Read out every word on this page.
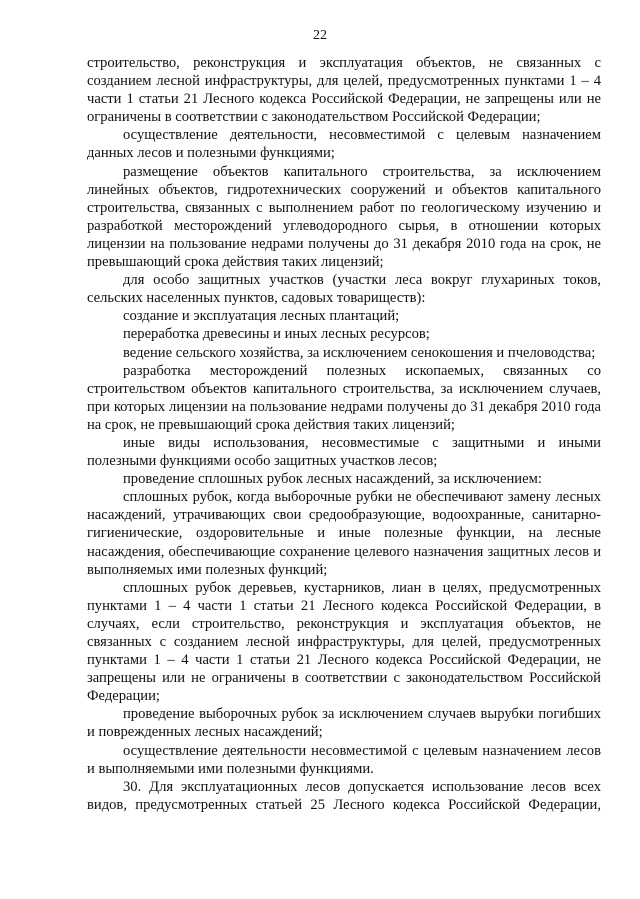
22

строительство, реконструкция и эксплуатация объектов, не связанных с созданием лесной инфраструктуры, для целей, предусмотренных пунктами 1 – 4 части 1 статьи 21 Лесного кодекса Российской Федерации, не запрещены или не ограничены в соответствии с законодательством Российской Федерации;

осуществление деятельности, несовместимой с целевым назначением данных лесов и полезными функциями;

размещение объектов капитального строительства, за исключением линейных объектов, гидротехнических сооружений и объектов капитального строительства, связанных с выполнением работ по геологическому изучению и разработкой месторождений углеводородного сырья, в отношении которых лицензии на пользование недрами получены до 31 декабря 2010 года на срок, не превышающий срока действия таких лицензий;

для особо защитных участков (участки леса вокруг глухариных токов, сельских населенных пунктов, садовых товариществ):

создание и эксплуатация лесных плантаций;

переработка древесины и иных лесных ресурсов;

ведение сельского хозяйства, за исключением сенокошения и пчеловодства;

разработка месторождений полезных ископаемых, связанных со строительством объектов капитального строительства, за исключением случаев, при которых лицензии на пользование недрами получены до 31 декабря 2010 года на срок, не превышающий срока действия таких лицензий;

иные виды использования, несовместимые с защитными и иными полезными функциями особо защитных участков лесов;

проведение сплошных рубок лесных насаждений, за исключением:

сплошных рубок, когда выборочные рубки не обеспечивают замену лесных насаждений, утрачивающих свои средообразующие, водоохранные, санитарно-гигиенические, оздоровительные и иные полезные функции, на лесные насаждения, обеспечивающие сохранение целевого назначения защитных лесов и выполняемых ими полезных функций;

сплошных рубок деревьев, кустарников, лиан в целях, предусмотренных пунктами 1 – 4 части 1 статьи 21 Лесного кодекса Российской Федерации, в случаях, если строительство, реконструкция и эксплуатация объектов, не связанных с созданием лесной инфраструктуры, для целей, предусмотренных пунктами 1 – 4 части 1 статьи 21 Лесного кодекса Российской Федерации, не запрещены или не ограничены в соответствии с законодательством Российской Федерации;

проведение выборочных рубок за исключением случаев вырубки погибших и поврежденных лесных насаждений;

осуществление деятельности несовместимой с целевым назначением лесов и выполняемыми ими полезными функциями.

30. Для эксплуатационных лесов допускается использование лесов всех видов, предусмотренных статьей 25 Лесного кодекса Российской Федерации,
